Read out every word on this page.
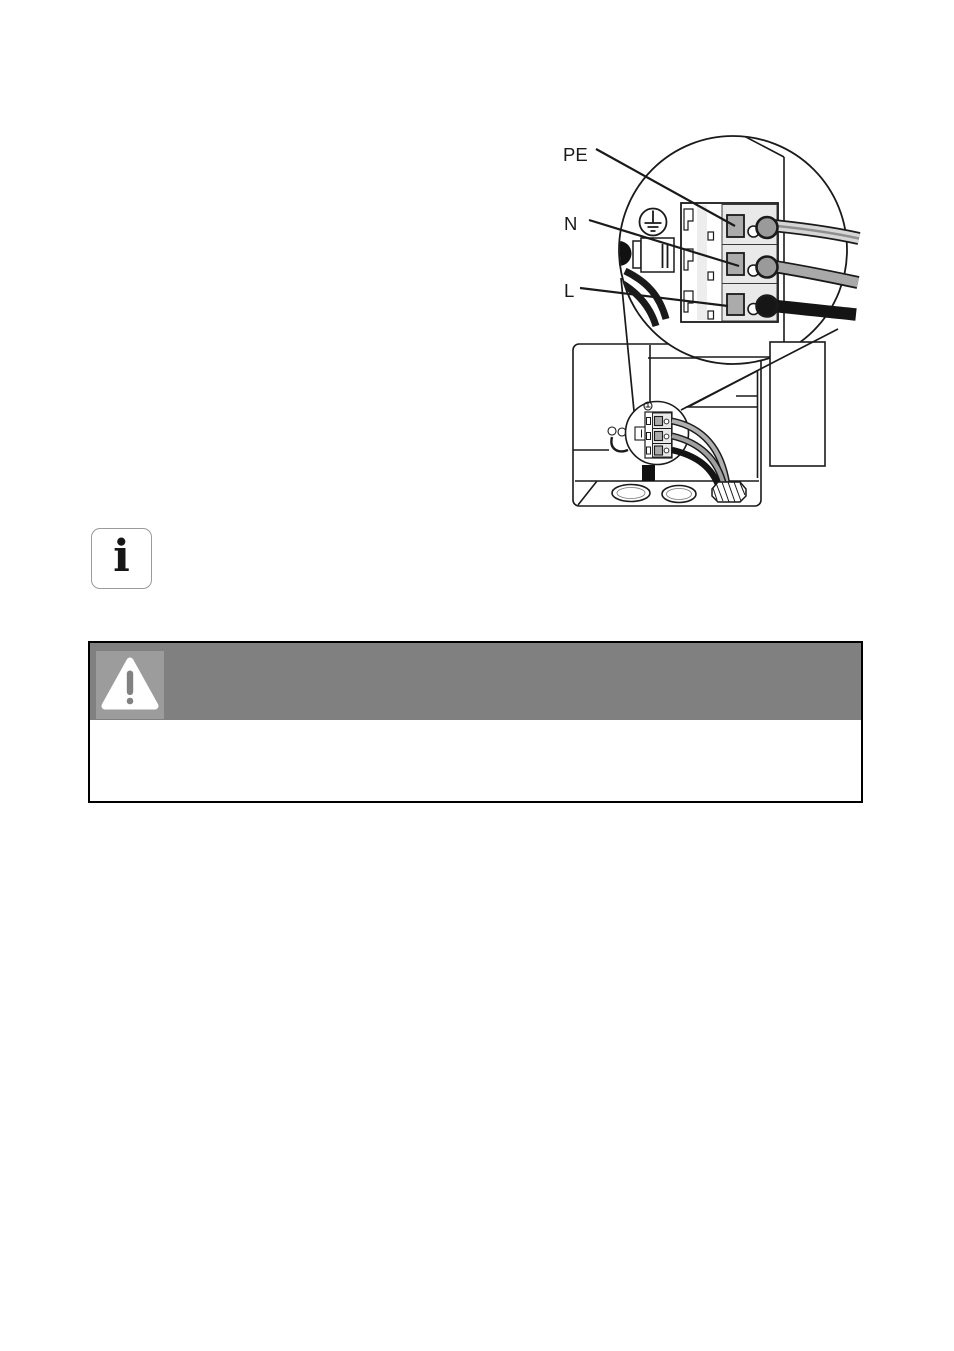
PE
N
L
i
